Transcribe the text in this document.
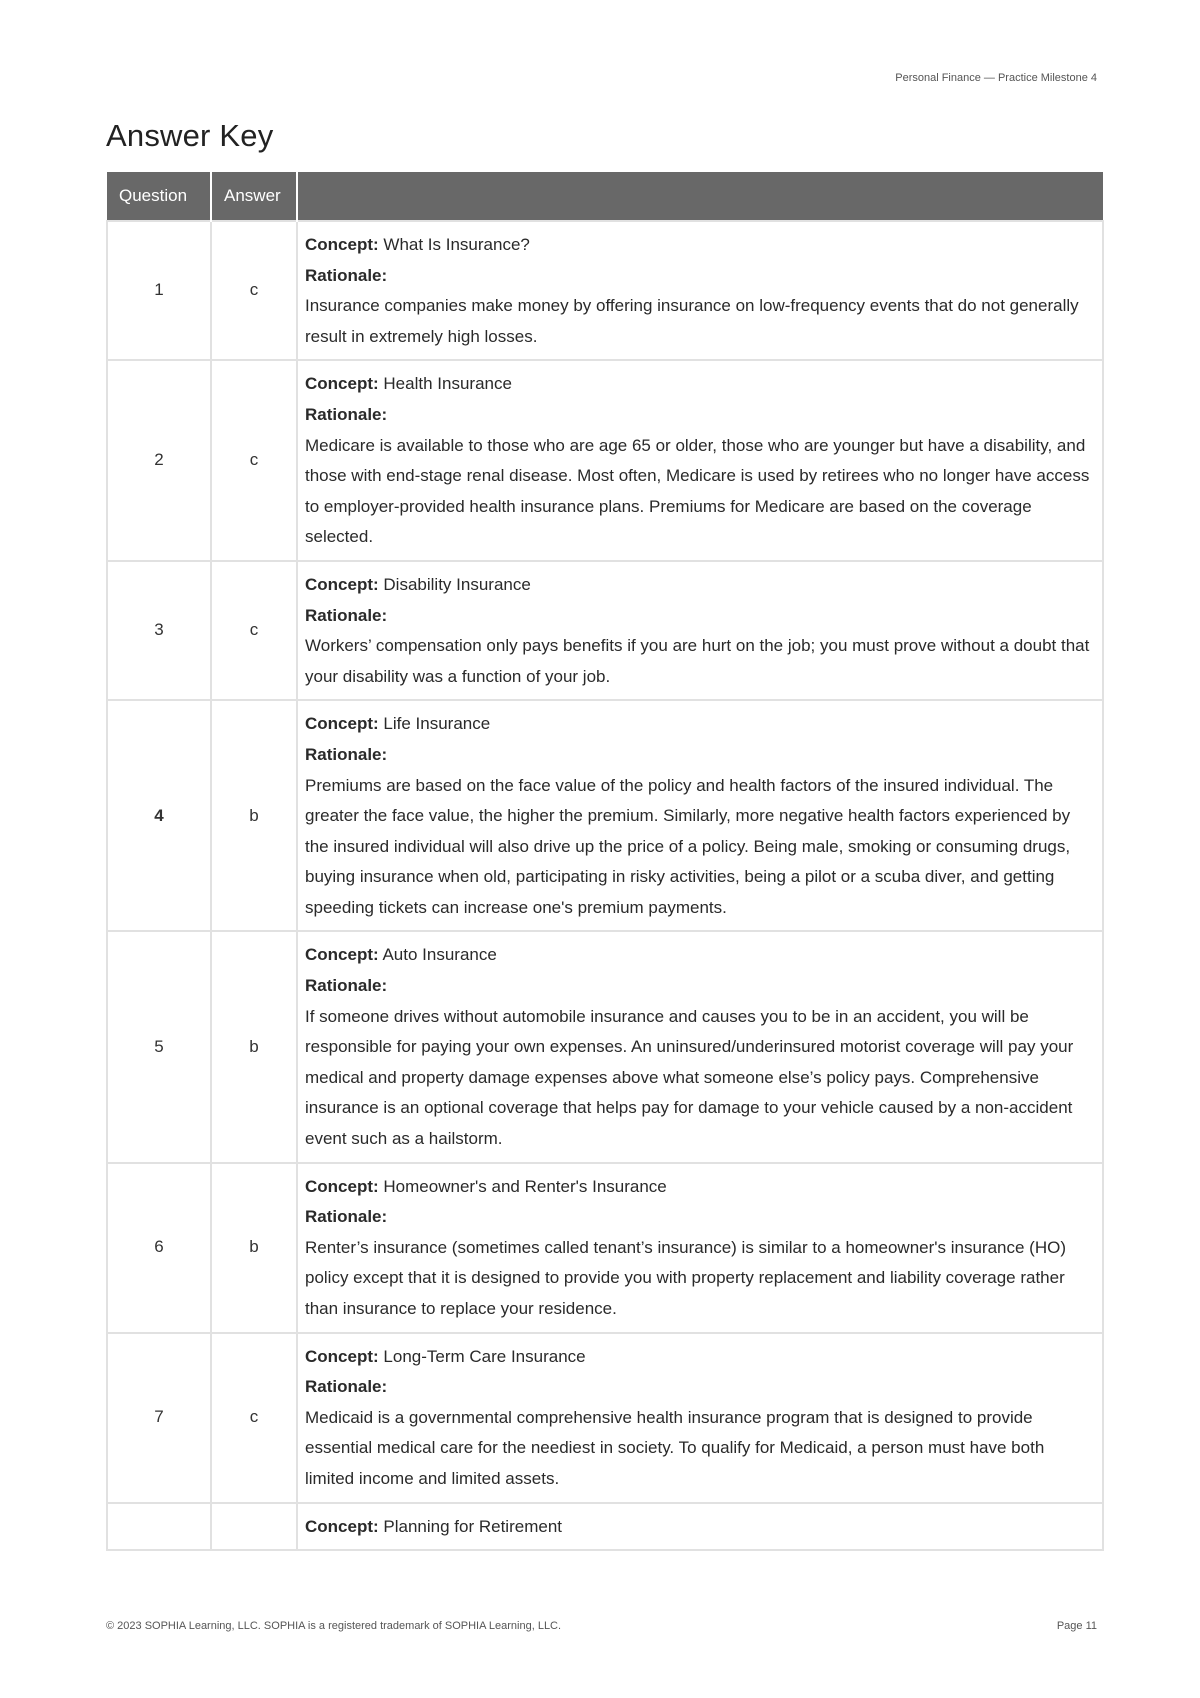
Personal Finance — Practice Milestone 4
Answer Key
Question	Answer	
1	c	Concept: What Is Insurance?
Rationale:
Insurance companies make money by offering insurance on low-frequency events that do not generally result in extremely high losses.

2	c	Concept: Health Insurance
Rationale:
Medicare is available to those who are age 65 or older, those who are younger but have a disability, and those with end-stage renal disease. Most often, Medicare is used by retirees who no longer have access to employer-provided health insurance plans. Premiums for Medicare are based on the coverage selected.

3	c	Concept: Disability Insurance
Rationale:
Workers’ compensation only pays benefits if you are hurt on the job; you must prove without a doubt that your disability was a function of your job.

4	b	Concept: Life Insurance
Rationale:
Premiums are based on the face value of the policy and health factors of the insured individual. The greater the face value, the higher the premium. Similarly, more negative health factors experienced by the insured individual will also drive up the price of a policy. Being male, smoking or consuming drugs, buying insurance when old, participating in risky activities, being a pilot or a scuba diver, and getting speeding tickets can increase one's premium payments.

5	b	Concept: Auto Insurance
Rationale:
If someone drives without automobile insurance and causes you to be in an accident, you will be responsible for paying your own expenses. An uninsured/underinsured motorist coverage will pay your medical and property damage expenses above what someone else’s policy pays. Comprehensive insurance is an optional coverage that helps pay for damage to your vehicle caused by a non-accident event such as a hailstorm.

6	b	Concept: Homeowner's and Renter's Insurance
Rationale:
Renter’s insurance (sometimes called tenant’s insurance) is similar to a homeowner's insurance (HO) policy except that it is designed to provide you with property replacement and liability coverage rather than insurance to replace your residence.

7	c	Concept: Long-Term Care Insurance
Rationale:
Medicaid is a governmental comprehensive health insurance program that is designed to provide essential medical care for the neediest in society. To qualify for Medicaid, a person must have both limited income and limited assets.

		Concept: Planning for Retirement
© 2023 SOPHIA Learning, LLC. SOPHIA is a registered trademark of SOPHIA Learning, LLC.	Page 11
